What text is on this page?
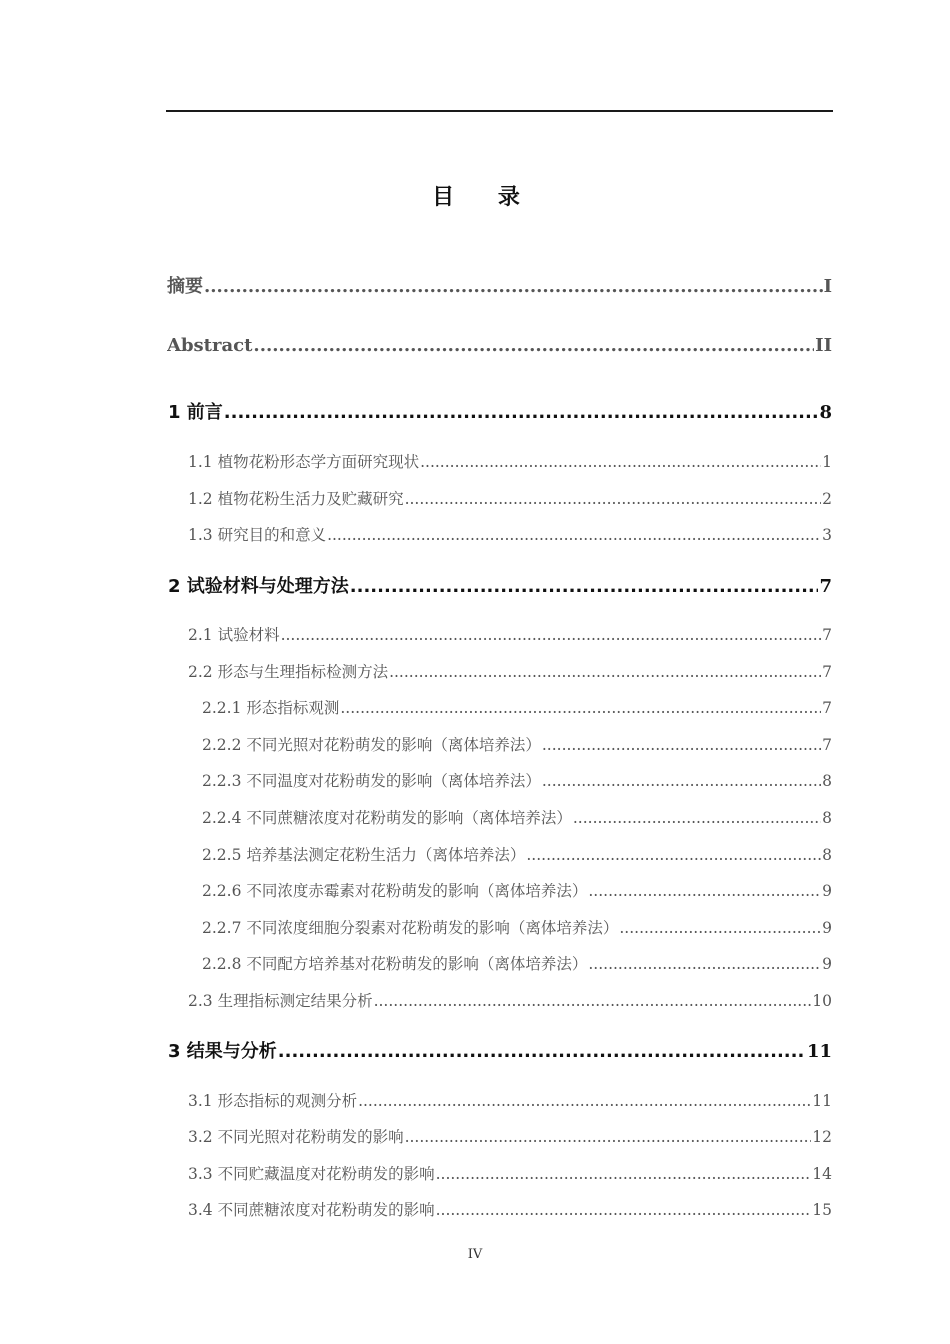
目 录
摘要 .....	I
Abstract .....	II
1 前言 .....	8
1.1 植物花粉形态学方面研究现状 .....	1
1.2 植物花粉生活力及贮藏研究 .....	2
1.3 研究目的和意义 .....	3
2 试验材料与处理方法 .....	7
2.1 试验材料 .....	7
2.2 形态与生理指标检测方法 .....	7
2.2.1 形态指标观测 .....	7
2.2.2 不同光照对花粉萌发的影响（离体培养法） .....	7
2.2.3 不同温度对花粉萌发的影响（离体培养法） .....	8
2.2.4 不同蔗糖浓度对花粉萌发的影响（离体培养法） .....	8
2.2.5 培养基法测定花粉生活力（离体培养法） .....	8
2.2.6 不同浓度赤霉素对花粉萌发的影响（离体培养法） .....	9
2.2.7 不同浓度细胞分裂素对花粉萌发的影响（离体培养法） .....	9
2.2.8 不同配方培养基对花粉萌发的影响（离体培养法） .....	9
2.3 生理指标测定结果分析 .....	10
3 结果与分析 .....	11
3.1 形态指标的观测分析 .....	11
3.2 不同光照对花粉萌发的影响 .....	12
3.3 不同贮藏温度对花粉萌发的影响 .....	14
3.4 不同蔗糖浓度对花粉萌发的影响 .....	15
IV
